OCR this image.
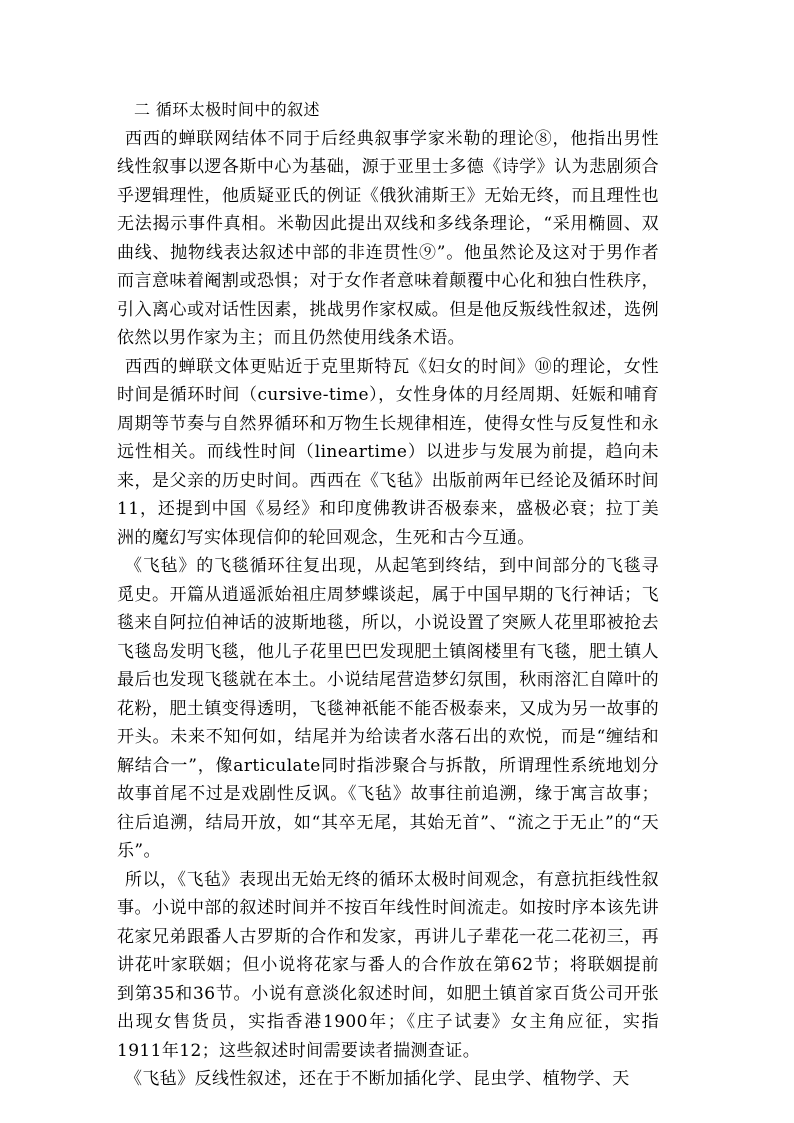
二 循环太极时间中的叙述

西西的蝉联网结体不同于后经典叙事学家米勒的理论⑧，他指出男性线性叙事以逻各斯中心为基础，源于亚里士多德《诗学》认为悲剧须合乎逻辑理性，他质疑亚氏的例证《俄狄浦斯王》无始无终，而且理性也无法揭示事件真相。米勒因此提出双线和多线条理论，“采用椭圆、双曲线、抛物线表达叙述中部的非连贯性⑨”。他虽然论及这对于男作者而言意味着阉割或恐惧；对于女作者意味着颠覆中心化和独白性秩序，引入离心或对话性因素，挑战男作家权威。但是他反叛线性叙述，选例依然以男作家为主；而且仍然使用线条术语。

西西的蝉联文体更贴近于克里斯特瓦《妇女的时间》⑩的理论，女性时间是循环时间（cursive-time），女性身体的月经周期、妊娠和哺育周期等节奏与自然界循环和万物生长规律相连，使得女性与反复性和永远性相关。而线性时间（lineartime）以进步与发展为前提，趋向未来，是父亲的历史时间。西西在《飞毡》出版前两年已经论及循环时间11，还提到中国《易经》和印度佛教讲否极泰来，盛极必衰；拉丁美洲的魔幻写实体现信仰的轮回观念，生死和古今互通。

《飞毡》的飞毯循环往复出现，从起笔到终结，到中间部分的飞毯寻觅史。开篇从逍遥派始祖庄周梦蝶谈起，属于中国早期的飞行神话；飞毯来自阿拉伯神话的波斯地毯，所以，小说设置了突厥人花里耶被抢去飞毯岛发明飞毯，他儿子花里巴巴发现肥土镇阁楼里有飞毯，肥土镇人最后也发现飞毯就在本土。小说结尾营造梦幻氛围，秋雨溶汇自障叶的花粉，肥土镇变得透明，飞毯神祇能不能否极泰来，又成为另一故事的开头。未来不知何如，结尾并为给读者水落石出的欢悦，而是“缠结和解结合一”，像articulate同时指涉聚合与拆散，所谓理性系统地划分故事首尾不过是戏剧性反讽。《飞毡》故事往前追溯，缘于寓言故事；往后追溯，结局开放，如“其卒无尾，其始无首”、“流之于无止”的“天乐”。

所以，《飞毡》表现出无始无终的循环太极时间观念，有意抗拒线性叙事。小说中部的叙述时间并不按百年线性时间流走。如按时序本该先讲花家兄弟跟番人古罗斯的合作和发家，再讲儿子辈花一花二花初三，再讲花叶家联姻；但小说将花家与番人的合作放在第62节；将联姻提前到第35和36节。小说有意淡化叙述时间，如肥土镇首家百货公司开张出现女售货员，实指香港1900年；《庄子试妻》女主角应征，实指1911年12；这些叙述时间需要读者揣测查证。

《飞毡》反线性叙述，还在于不断加插化学、昆虫学、植物学、天
